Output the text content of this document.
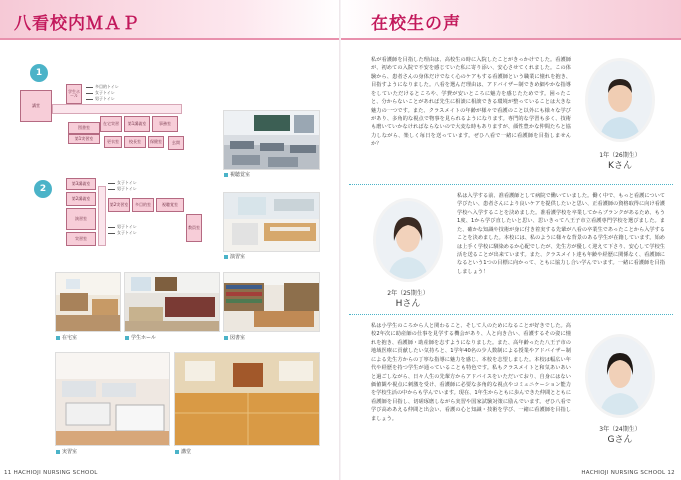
八看校内ＭＡＰ
1
講堂
学生ホール
図書室
第1実習室
在宅実習	第1講義室	事務室
校長室	保健室
更衣室	玄関
多目的トイレ
女子トイレ
男子トイレ
2
第3講義室
第2講義室
演習室
実習室
第2実習室	多目的室	視聴覚室
教員室
女子トイレ
男子トイレ
男子トイレ
女子トイレ
視聴覚室
演習室
在宅室	学生ホール	図書室
実習室	講堂
11 HACHIOJI NURSING SCHOOL
在校生の声
私が看護師を目指した理由は、高校生の時に入院したことがきっかけでした。看護師が、初めての入院で不安を感じていた私に寄り添い、安心させてくれました。この体験から、患者さんの身体だけでなく心のケアもする看護師という職業に憧れを抱き、目指すようになりました。八看を選んだ理由は、アドバイザー制できめ細やかな指導をしていただけるところや、学費が安いところに魅力を感じたためです。困ったこと、分からないことがあれば先生に相談に相談できる環境が整っていることは大きな魅力の一つです。また、クラスメイトの年齢が様々で看護のこと以外にも様々な学びがあり、多角的な視点で物事を見られるようになります。専門的な学習も多く、技術も磨いていかなければならないので大変な時もありますが、顔性豊かな仲間たちと協力しながら、楽しく毎日を送っています。ぜひ八看で一緒に看護師を目指しませんか？
1年（26期生）
Kさん
2年（25期生）
Hさん
私は入学する前、准看護師として病院で働いていました。働く中で、もっと看護について学びたい、患者さんにより良いケアを提供したいと思い、正看護師の資格取得に向け看護学校へ入学することを決めました。准看護学校を卒業してからブランクがあるため、もう1度、1から学び直したいと思い、思いきって八王子市立看護専門学校を選びました。また、確かな知識や技術が身に付き着実する先輩が八看の卒業生であったことから入学することを決めました。本校には、私のように様々な背景のある学生が在籍しています。始めは上手く学校に馴染めるか心配でしたが、先生方が優しく迎えて下さり、安心して学校生活を送ることが出来ています。また、クラスメイト達も年齢や経歴に関係なく、看護師になるという1つの目標に向かって、ともに協力し合い学んでいます。一緒に看護師を目指しましょう！
私は小学生のころから人と関わること、そして人のためになることが好きでした。高校2年次に助産師の仕事を見学する機会があり、人と向き合い、看護するその姿に憧れを抱き、看護師・助産師を志すようになりました。また、高年齢ったた八王子市の地域医療に貢献したい気持ちと、1学年40名の少人数制による授業やアドバイザー制による先生方からの丁寧な指導に魅力を感じ、本校を志望しました。本校は幅広い年代や経歴を持つ学生が通っていることも特色です。私もクラスメイトと和気あいあいと過ごしながら、日々人生の先輩方からアドバイスをいただいており、自身にはない価値観や視点に刺激を受け、看護師に必要な多角的な視点やコミュニケーション能力を学校生活の中からも学んでいます。現在、1年生からともに歩んできた仲間とともに看護師を目指し、切磋琢磨しながら実習や国家試験対策に励んでいます。ぜひ八看で学び高めあえる仲間と出会い、看護の心と知識・技術を学び、一緒に看護師を目指しましょう。
3年（24期生）
Gさん
HACHIOJI NURSING SCHOOL 12
